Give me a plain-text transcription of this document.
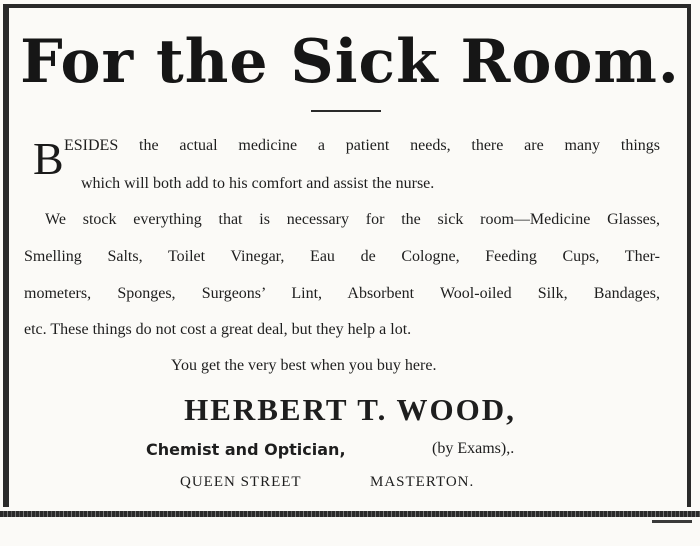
For the Sick Room.
B ESIDES the actual medicine a patient needs, there are many things
which will both add to his comfort and assist the nurse.
We stock everything that is necessary for the sick room—Medicine Glasses,
Smelling Salts, Toilet Vinegar, Eau de Cologne, Feeding Cups, Ther-
mometers, Sponges, Surgeons’ Lint, Absorbent Wool-oiled Silk, Bandages,
etc. These things do not cost a great deal, but they help a lot.
You get the very best when you buy here.
HERBERT T. WOOD,
Chemist and Optician,	(by Exams),.
QUEEN STREET	MASTERTON.
